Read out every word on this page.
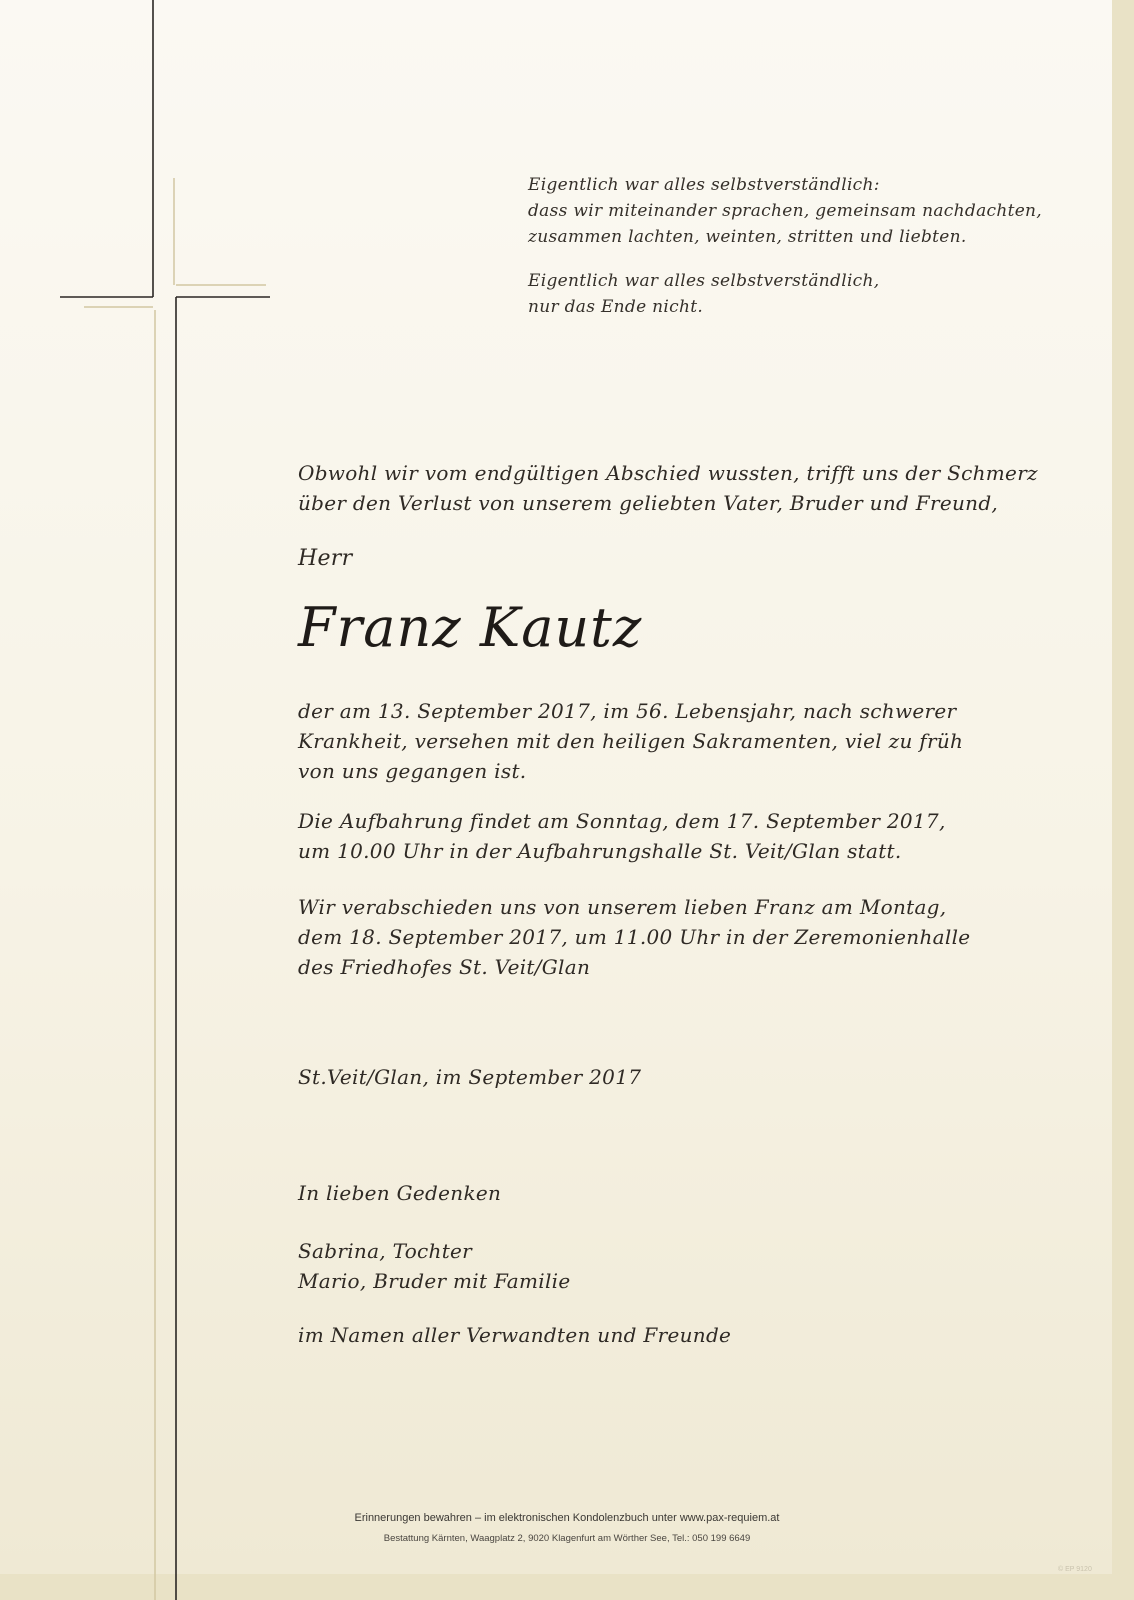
Eigentlich war alles selbstverständlich:

dass wir miteinander sprachen, gemeinsam nachdachten,

zusammen lachten, weinten, stritten und liebten.

Eigentlich war alles selbstverständlich,

nur das Ende nicht.

Obwohl wir vom endgültigen Abschied wussten, trifft uns der Schmerz

über den Verlust von unserem geliebten Vater, Bruder und Freund,

Herr
Franz Kautz

der am 13. September 2017, im 56. Lebensjahr, nach schwerer

Krankheit, versehen mit den heiligen Sakramenten, viel zu früh

von uns gegangen ist.

Die Aufbahrung findet am Sonntag, dem 17. September 2017,

um 10.00 Uhr in der Aufbahrungshalle St. Veit/Glan statt.

Wir verabschieden uns von unserem lieben Franz am Montag,

dem 18. September 2017, um 11.00 Uhr in der Zeremonienhalle

des Friedhofes St. Veit/Glan

St.Veit/Glan, im September 2017
In lieben Gedenken

Sabrina, Tochter

Mario, Bruder mit Familie

im Namen aller Verwandten und Freunde
Erinnerungen bewahren – im elektronischen Kondolenzbuch unter www.pax-requiem.at
Bestattung Kärnten, Waagplatz 2, 9020 Klagenfurt am Wörther See, Tel.: 050 199 6649
© EP 9120
